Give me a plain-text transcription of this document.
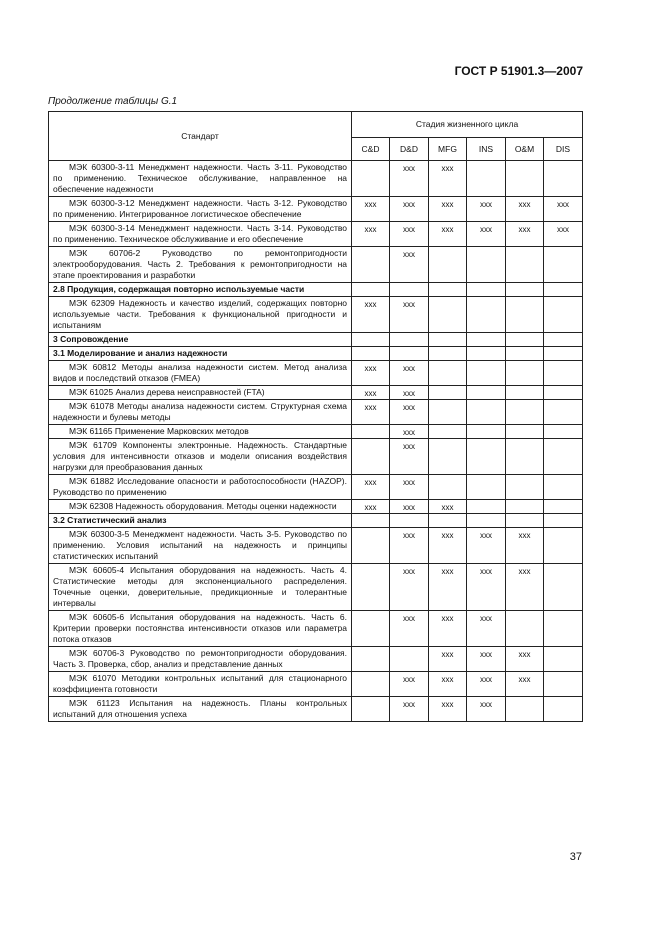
ГОСТ Р 51901.3—2007
Продолжение таблицы G.1
Стандарт	Стадия жизненного цикла					
	C&D	D&D	MFG	INS	O&M	DIS
МЭК 60300-3-11 Менеджмент надежности. Часть 3-11. Руководство по применению. Техническое обслуживание, направленное на обеспечение надежности		xxx	xxx			
МЭК 60300-3-12 Менеджмент надежности. Часть 3-12. Руководство по применению. Интегрированное логистическое обеспечение	xxx	xxx	xxx	xxx	xxx	xxx
МЭК 60300-3-14 Менеджмент надежности. Часть 3-14. Руководство по применению. Техническое обслуживание и его обеспечение	xxx	xxx	xxx	xxx	xxx	xxx
МЭК 60706-2 Руководство по ремонтопригодности электрооборудования. Часть 2. Требования к ремонтопригодности на этапе проектирования и разработки		xxx				
2.8 Продукция, содержащая повторно используемые части						
МЭК 62309 Надежность и качество изделий, содержащих повторно используемые части. Требования к функциональной пригодности и испытаниям	xxx	xxx				
3 Сопровождение						
3.1 Моделирование и анализ надежности						
МЭК 60812 Методы анализа надежности систем. Метод анализа видов и последствий отказов (FMEA)	xxx	xxx				
МЭК 61025 Анализ дерева неисправностей (FTA)	xxx	xxx				
МЭК 61078 Методы анализа надежности систем. Структурная схема надежности и булевы методы	xxx	xxx				
МЭК 61165 Применение Марковских методов		xxx				
МЭК 61709 Компоненты электронные. Надежность. Стандартные условия для интенсивности отказов и модели описания воздействия нагрузки для преобразования данных		xxx				
МЭК 61882 Исследование опасности и работоспособности (HAZOP). Руководство по применению	xxx	xxx				
МЭК 62308 Надежность оборудования. Методы оценки надежности	xxx	xxx	xxx			
3.2 Статистический анализ						
МЭК 60300-3-5 Менеджмент надежности. Часть 3-5. Руководство по применению. Условия испытаний на надежность и принципы статистических испытаний		xxx	xxx	xxx	xxx	
МЭК 60605-4 Испытания оборудования на надежность. Часть 4. Статистические методы для экспоненциального распределения. Точечные оценки, доверительные, предикционные и толерантные интервалы		xxx	xxx	xxx	xxx	
МЭК 60605-6 Испытания оборудования на надежность. Часть 6. Критерии проверки постоянства интенсивности отказов или параметра потока отказов		xxx	xxx	xxx		
МЭК 60706-3 Руководство по ремонтопригодности оборудования. Часть 3. Проверка, сбор, анализ и представление данных			xxx	xxx	xxx	
МЭК 61070 Методики контрольных испытаний для стационарного коэффициента готовности		xxx	xxx	xxx	xxx	
МЭК 61123 Испытания на надежность. Планы контрольных испытаний для отношения успеха		xxx	xxx	xxx		
37
